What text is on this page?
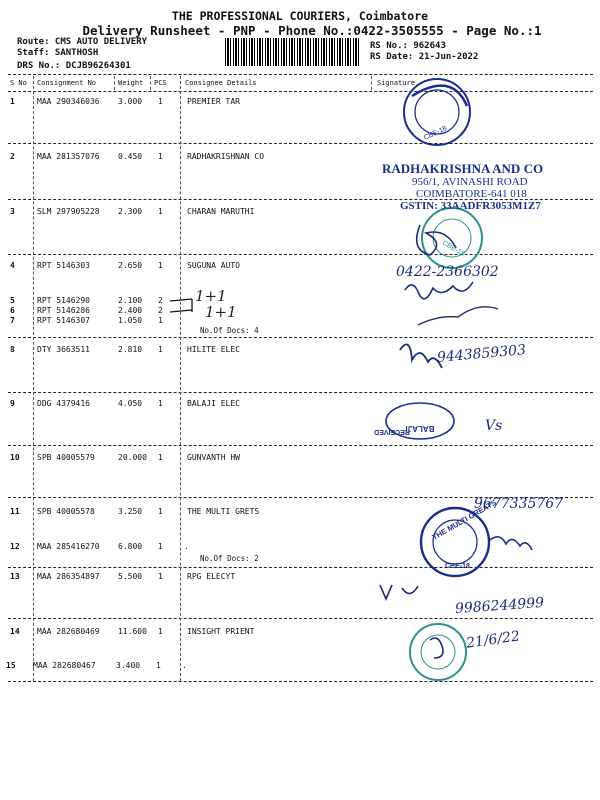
THE PROFESSIONAL COURIERS, Coimbatore
Delivery Runsheet - PNP - Phone No.:0422-3505555 - Page No.:1
Route: CMS AUTO DELIVERY
Staff: SANTHOSH
DRS No.: DCJB96264301
RS No.: 962643
RS Date: 21-Jun-2022
S No Consignment No	Weight PCS	Consignee Details	Signature
1	MAA 290346036 3.000 1	PREMIER TAR
2	MAA 281357076 0.450 1	RADHAKRISHNAN CO
3	SLM 297905228 2.300 1	CHARAN MARUTHI
4	RPT 5146303	2.650 1	SUGUNA AUTO
5	RPT 5146290	2.100 2
6	RPT 5146286	2.400 2
7	RPT 5146307	1.050 1
No.Of Docs: 4
8	DTY 3663511	2.810 1	HILITE ELEC
9	DDG 4379416	4.050 1	BALAJI ELEC
10 SPB 40005579	20.000 1	GUNVANTH HW
11 SPB 40005578	3.250 1	THE MULTI GRETS
12 MAA 285416270 6.800 1	.
No.Of Docs: 2
13 MAA 286354897 5.500 1	RPG ELECYT
14 MAA 282680469 11.600 1	INSIGHT PRIENT
15 MAA 282680467	3.400 1	.
CBE-18
CBE-18
RECEIVED
BALAJI
THE MULTI GREATS
CBE-18
RADHAKRISHNA AND CO
956/1, AVINASHI ROAD
COIMBATORE-641 018
GSTIN: 33AADFR3053M1Z7
1+1
1+1
0422-2366302
9443859303
Vs
9677335767
9986244999
21/6/22
